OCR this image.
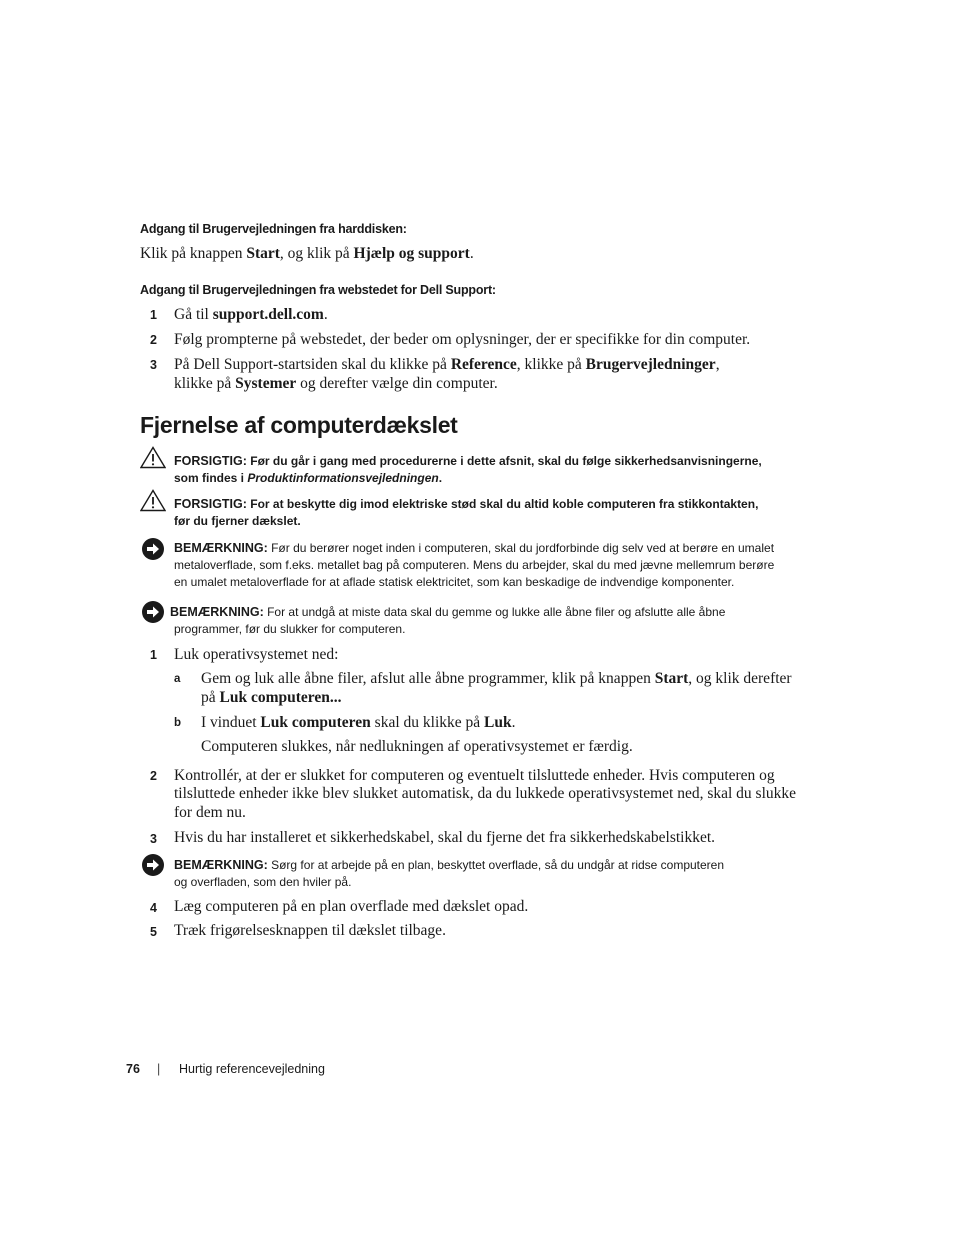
Adgang til Brugervejledningen fra harddisken:
Klik på knappen Start, og klik på Hjælp og support.
Adgang til Brugervejledningen fra webstedet for Dell Support:
1 Gå til support.dell.com.
2 Følg prompterne på webstedet, der beder om oplysninger, der er specifikke for din computer.
3 På Dell Support-startsiden skal du klikke på Reference, klikke på Brugervejledninger,
klikke på Systemer og derefter vælge din computer.
Fjernelse af computerdækslet
FORSIGTIG: Før du går i gang med procedurerne i dette afsnit, skal du følge sikkerhedsanvisningerne,
som findes i Produktinformationsvejledningen.
FORSIGTIG: For at beskytte dig imod elektriske stød skal du altid koble computeren fra stikkontakten,
før du fjerner dækslet.
BEMÆRKNING: Før du berører noget inden i computeren, skal du jordforbinde dig selv ved at berøre en umalet
metaloverflade, som f.eks. metallet bag på computeren. Mens du arbejder, skal du med jævne mellemrum berøre
en umalet metaloverflade for at aflade statisk elektricitet, som kan beskadige de indvendige komponenter.
BEMÆRKNING: For at undgå at miste data skal du gemme og lukke alle åbne filer og afslutte alle åbne
programmer, før du slukker for computeren.
1 Luk operativsystemet ned:
a Gem og luk alle åbne filer, afslut alle åbne programmer, klik på knappen Start, og klik derefter
på Luk computeren...
b I vinduet Luk computeren skal du klikke på Luk.
Computeren slukkes, når nedlukningen af operativsystemet er færdig.
2 Kontrollér, at der er slukket for computeren og eventuelt tilsluttede enheder. Hvis computeren og
tilsluttede enheder ikke blev slukket automatisk, da du lukkede operativsystemet ned, skal du slukke
for dem nu.
3 Hvis du har installeret et sikkerhedskabel, skal du fjerne det fra sikkerhedskabelstikket.
BEMÆRKNING: Sørg for at arbejde på en plan, beskyttet overflade, så du undgår at ridse computeren
og overfladen, som den hviler på.
4 Læg computeren på en plan overflade med dækslet opad.
5 Træk frigørelsesknappen til dækslet tilbage.
76 | Hurtig referencevejledning
